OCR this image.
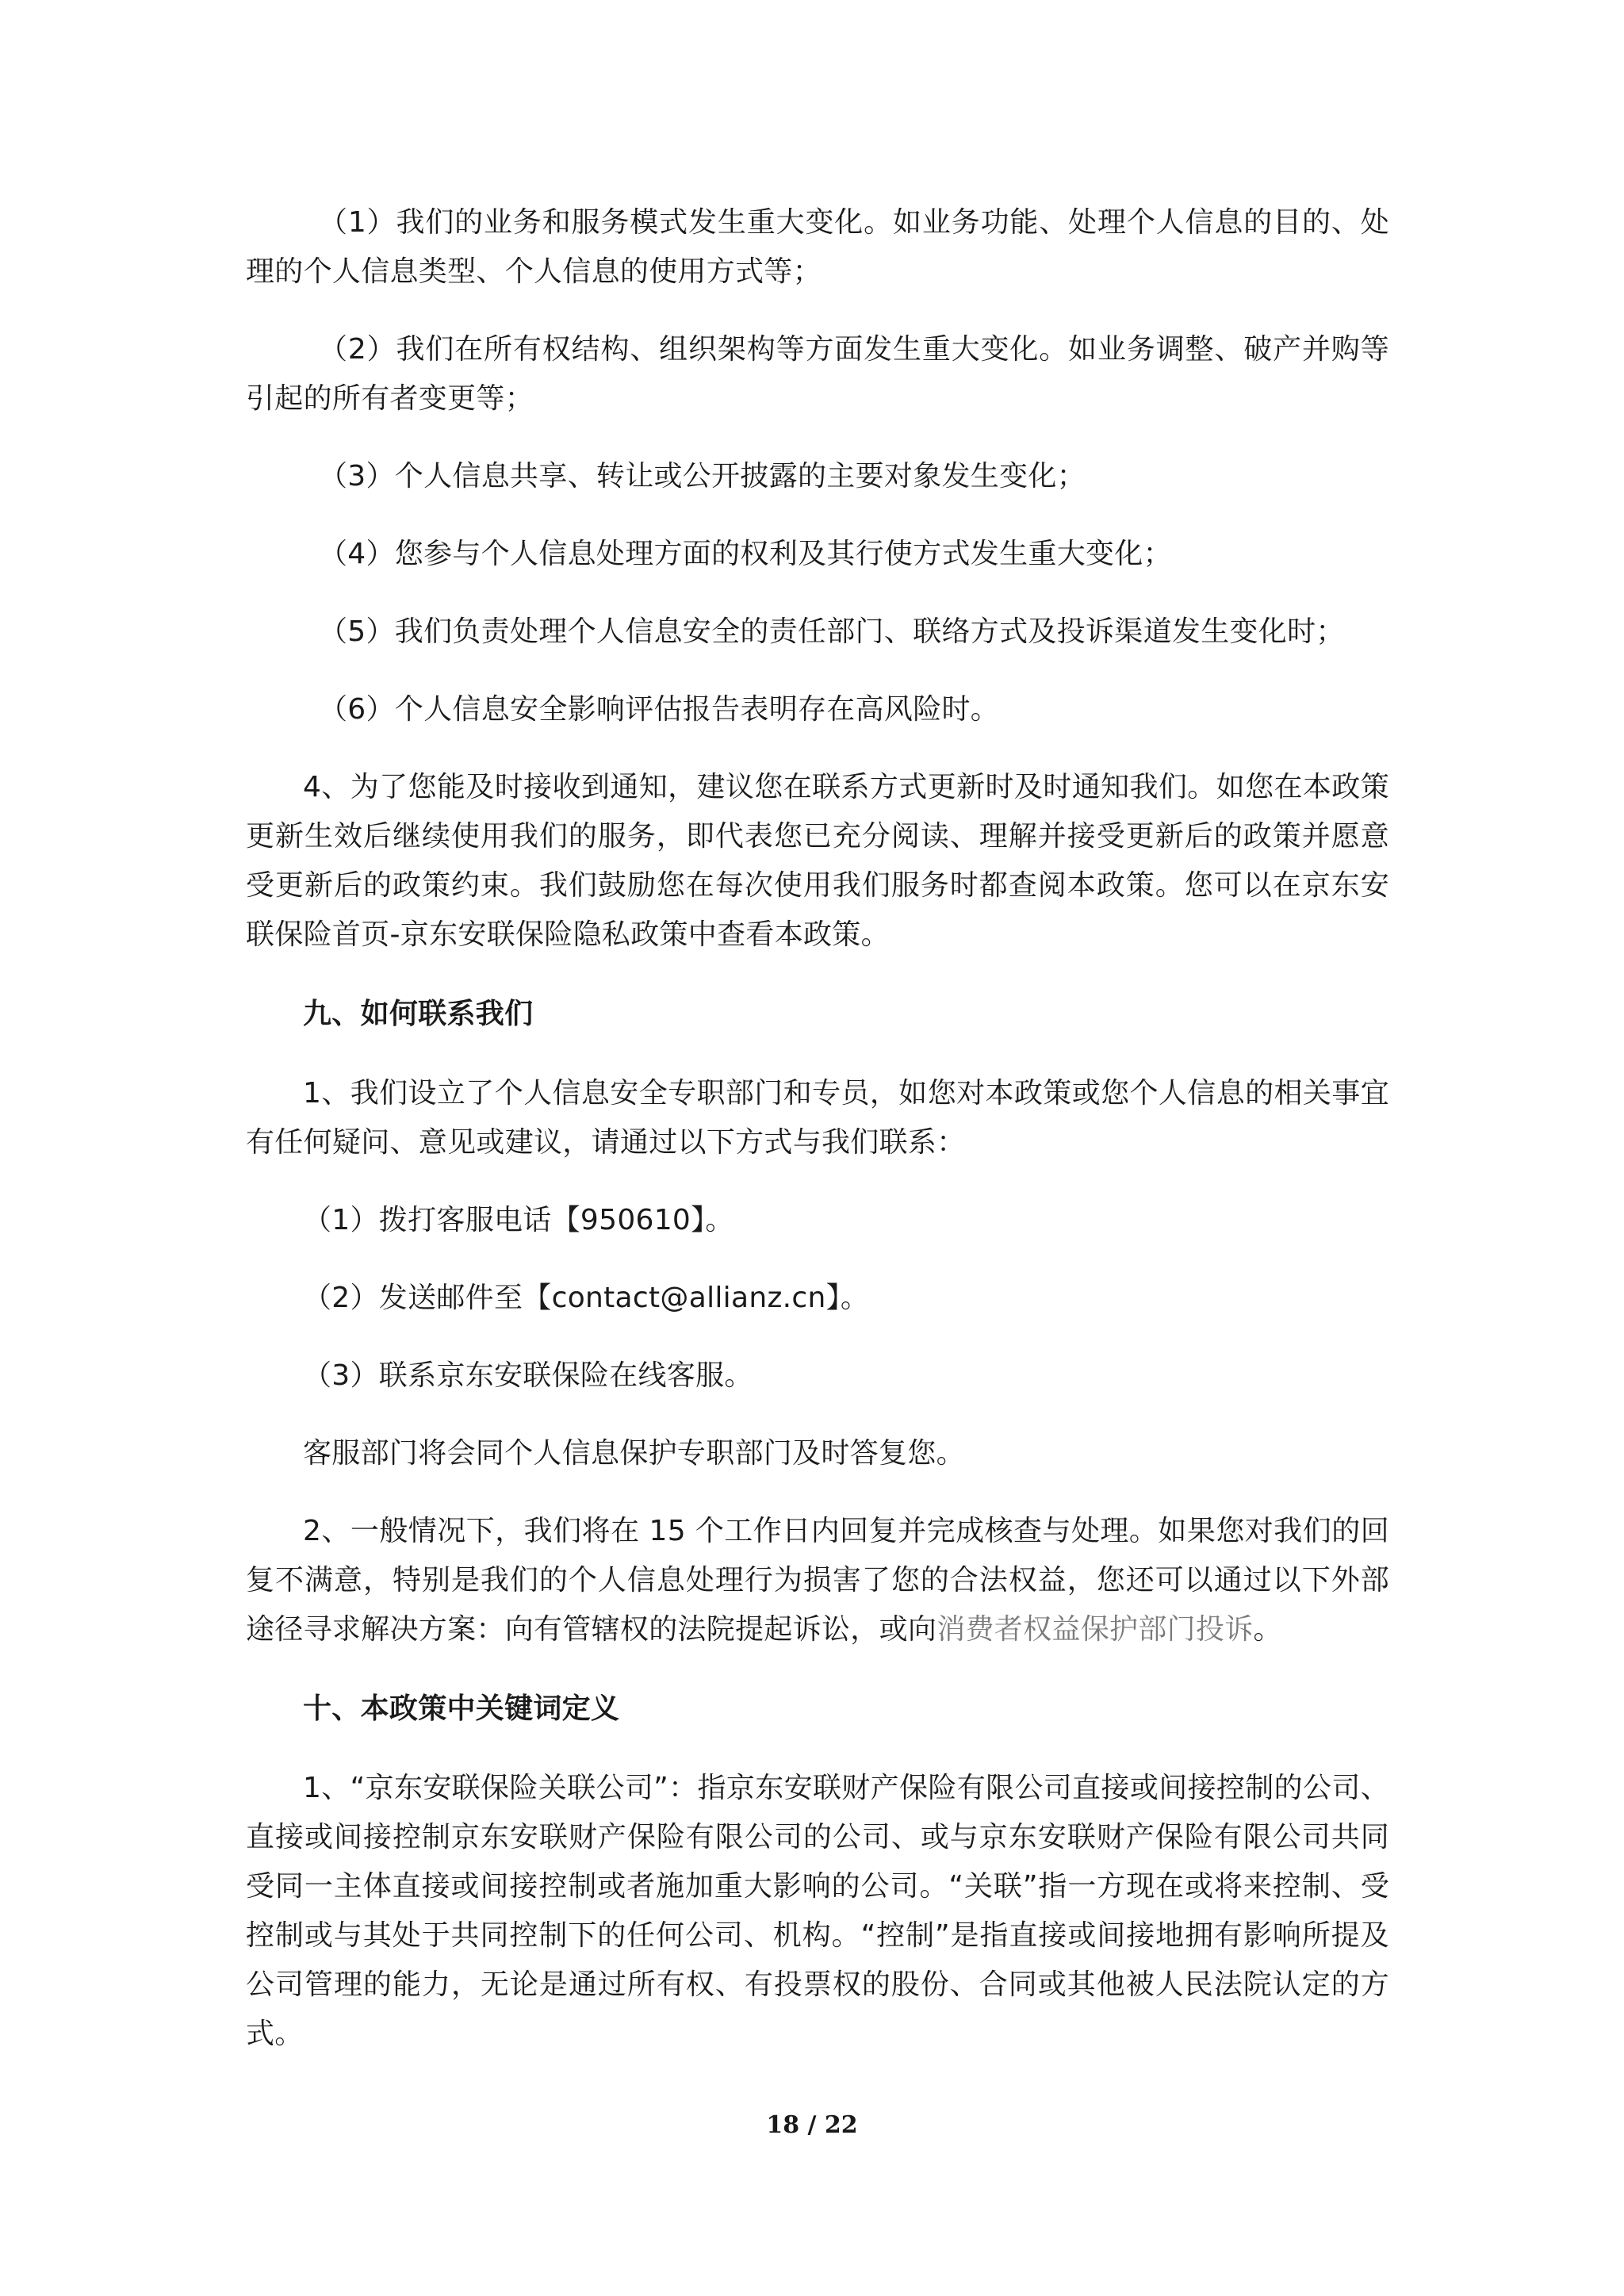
（1）我们的业务和服务模式发生重大变化。如业务功能、处理个人信息的目的、处理的个人信息类型、个人信息的使用方式等；

（2）我们在所有权结构、组织架构等方面发生重大变化。如业务调整、破产并购等引起的所有者变更等；

（3）个人信息共享、转让或公开披露的主要对象发生变化；

（4）您参与个人信息处理方面的权利及其行使方式发生重大变化；

（5）我们负责处理个人信息安全的责任部门、联络方式及投诉渠道发生变化时；

（6）个人信息安全影响评估报告表明存在高风险时。

4、为了您能及时接收到通知，建议您在联系方式更新时及时通知我们。如您在本政策更新生效后继续使用我们的服务，即代表您已充分阅读、理解并接受更新后的政策并愿意受更新后的政策约束。我们鼓励您在每次使用我们服务时都查阅本政策。您可以在京东安联保险首页-京东安联保险隐私政策中查看本政策。

九、如何联系我们

1、我们设立了个人信息安全专职部门和专员，如您对本政策或您个人信息的相关事宜有任何疑问、意见或建议，请通过以下方式与我们联系：

（1）拨打客服电话【950610】。

（2）发送邮件至【contact@allianz.cn】。

（3）联系京东安联保险在线客服。

客服部门将会同个人信息保护专职部门及时答复您。

2、一般情况下，我们将在 15 个工作日内回复并完成核查与处理。如果您对我们的回复不满意，特别是我们的个人信息处理行为损害了您的合法权益，您还可以通过以下外部途径寻求解决方案：向有管辖权的法院提起诉讼，或向消费者权益保护部门投诉。

十、本政策中关键词定义

1、“京东安联保险关联公司”：指京东安联财产保险有限公司直接或间接控制的公司、直接或间接控制京东安联财产保险有限公司的公司、或与京东安联财产保险有限公司共同受同一主体直接或间接控制或者施加重大影响的公司。“关联”指一方现在或将来控制、受控制或与其处于共同控制下的任何公司、机构。“控制”是指直接或间接地拥有影响所提及公司管理的能力，无论是通过所有权、有投票权的股份、合同或其他被人民法院认定的方式。

18 / 22
